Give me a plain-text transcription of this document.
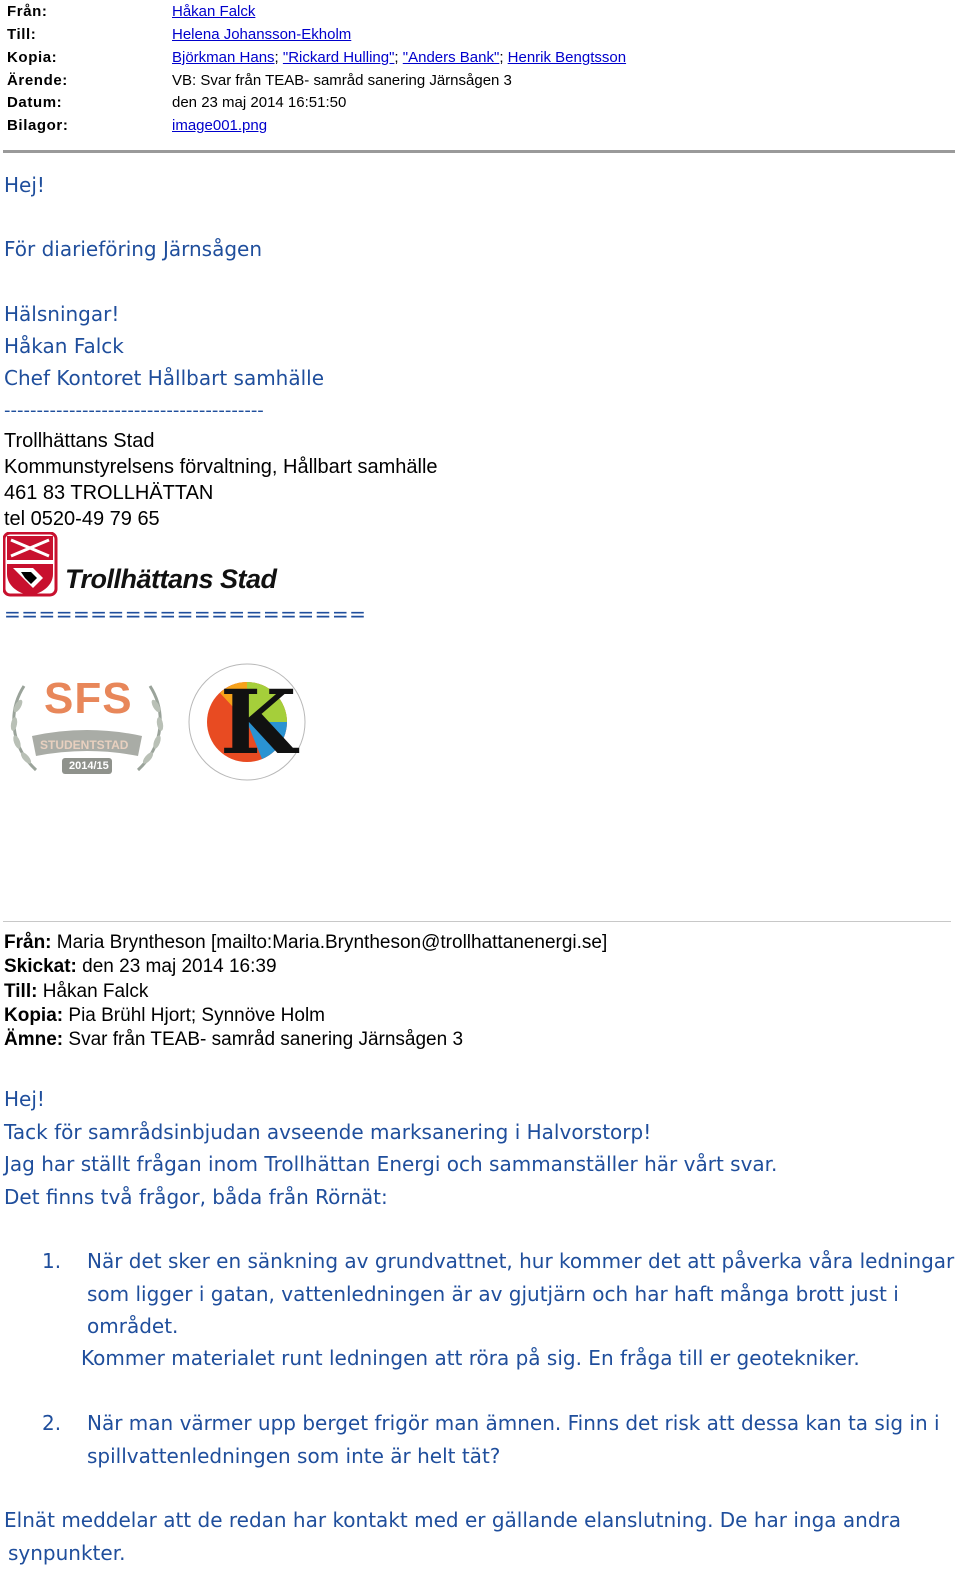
Från:	Håkan Falck
Till:	Helena Johansson-Ekholm
Kopia:	Björkman Hans; "Rickard Hulling"; "Anders Bank"; Henrik Bengtsson
Ärende:	VB: Svar från TEAB- samråd sanering Järnsågen 3
Datum:	den 23 maj 2014 16:51:50
Bilagor:	image001.png
Hej!
För diarieföring Järnsågen
Hälsningar!
Håkan Falck
Chef Kontoret Hållbart samhälle
----------------------------------------
Trollhättans Stad
Kommunstyrelsens förvaltning, Hållbart samhälle
461 83 TROLLHÄTTAN
tel 0520-49 79 65
Trollhättans Stad
=====================
SFS
STUDENTSTAD
2014/15 K
Från: Maria Bryntheson [mailto:Maria.Bryntheson@trollhattanenergi.se]
Skickat: den 23 maj 2014 16:39
Till: Håkan Falck
Kopia: Pia Brühl Hjort; Synnöve Holm
Ämne: Svar från TEAB- samråd sanering Järnsågen 3
Hej!
Tack för samrådsinbjudan avseende marksanering i Halvorstorp!
Jag har ställt frågan inom Trollhättan Energi och sammanställer här vårt svar.
Det finns två frågor, båda från Rörnät:
1. När det sker en sänkning av grundvattnet, hur kommer det att påverka våra ledningar
som ligger i gatan, vattenledningen är av gjutjärn och har haft många brott just i
området.
Kommer materialet runt ledningen att röra på sig. En fråga till er geotekniker.
2. När man värmer upp berget frigör man ämnen. Finns det risk att dessa kan ta sig in i
spillvattenledningen som inte är helt tät?
Elnät meddelar att de redan har kontakt med er gällande elanslutning. De har inga andra
synpunkter.
